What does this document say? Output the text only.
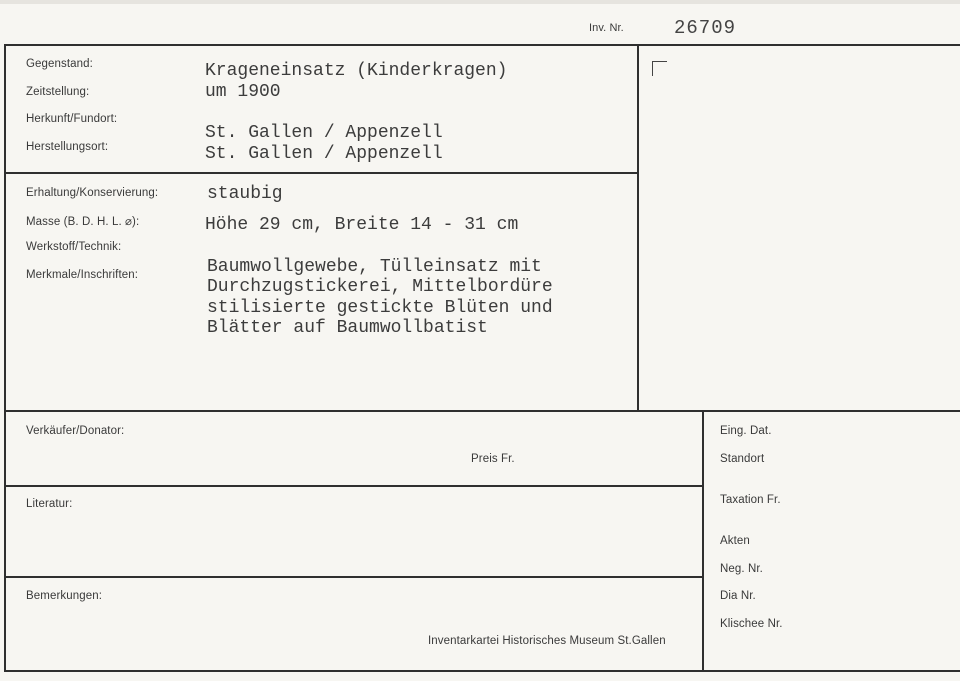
Inv. Nr.	26709
Gegenstand:
Zeitstellung:
Herkunft/Fundort:
Herstellungsort:
Krageneinsatz (Kinderkragen)
um 1900
St. Gallen / Appenzell
St. Gallen / Appenzell
Erhaltung/Konservierung:
Masse (B. D. H. L. ⌀):
Werkstoff/Technik:
Merkmale/Inschriften:
staubig
Höhe 29 cm, Breite 14 - 31 cm
Baumwollgewebe, Tülleinsatz mit
Durchzugstickerei, Mittelbordüre
stilisierte gestickte Blüten und
Blätter auf Baumwollbatist
Verkäufer/Donator:
Preis Fr.
Literatur:
Bemerkungen:
Inventarkartei Historisches Museum St.Gallen
Eing. Dat.
Standort
Taxation Fr.
Akten
Neg. Nr.
Dia Nr.
Klischee Nr.
